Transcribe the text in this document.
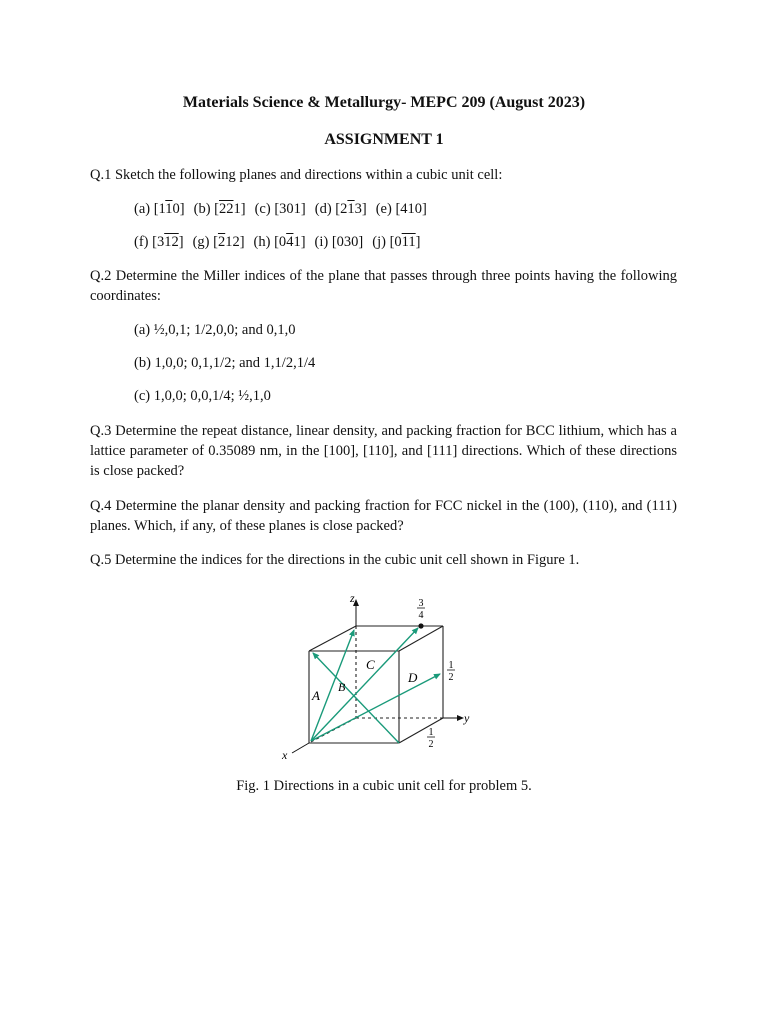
Materials Science & Metallurgy- MEPC 209 (August 2023)
ASSIGNMENT 1
Q.1 Sketch the following planes and directions within a cubic unit cell:
(a) [110] (b) [221] (c) [301] (d) [213] (e) [410]
(f) [312] (g) [212] (h) [041] (i) [030] (j) [011]
Q.2 Determine the Miller indices of the plane that passes through three points having the following coordinates:
(a) ½,0,1; 1/2,0,0; and 0,1,0
(b) 1,0,0; 0,1,1/2; and 1,1/2,1/4
(c) 1,0,0; 0,0,1/4; ½,1,0
Q.3 Determine the repeat distance, linear density, and packing fraction for BCC lithium, which has a lattice parameter of 0.35089 nm, in the [100], [110], and [111] directions. Which of these directions is close packed?
Q.4 Determine the planar density and packing fraction for FCC nickel in the (100), (110), and (111) planes. Which, if any, of these planes is close packed?
Q.5 Determine the indices for the directions in the cubic unit cell shown in Figure 1.
z
y
x
A
B
C
D
3
4
1
2
1
2
Fig. 1 Directions in a cubic unit cell for problem 5.
